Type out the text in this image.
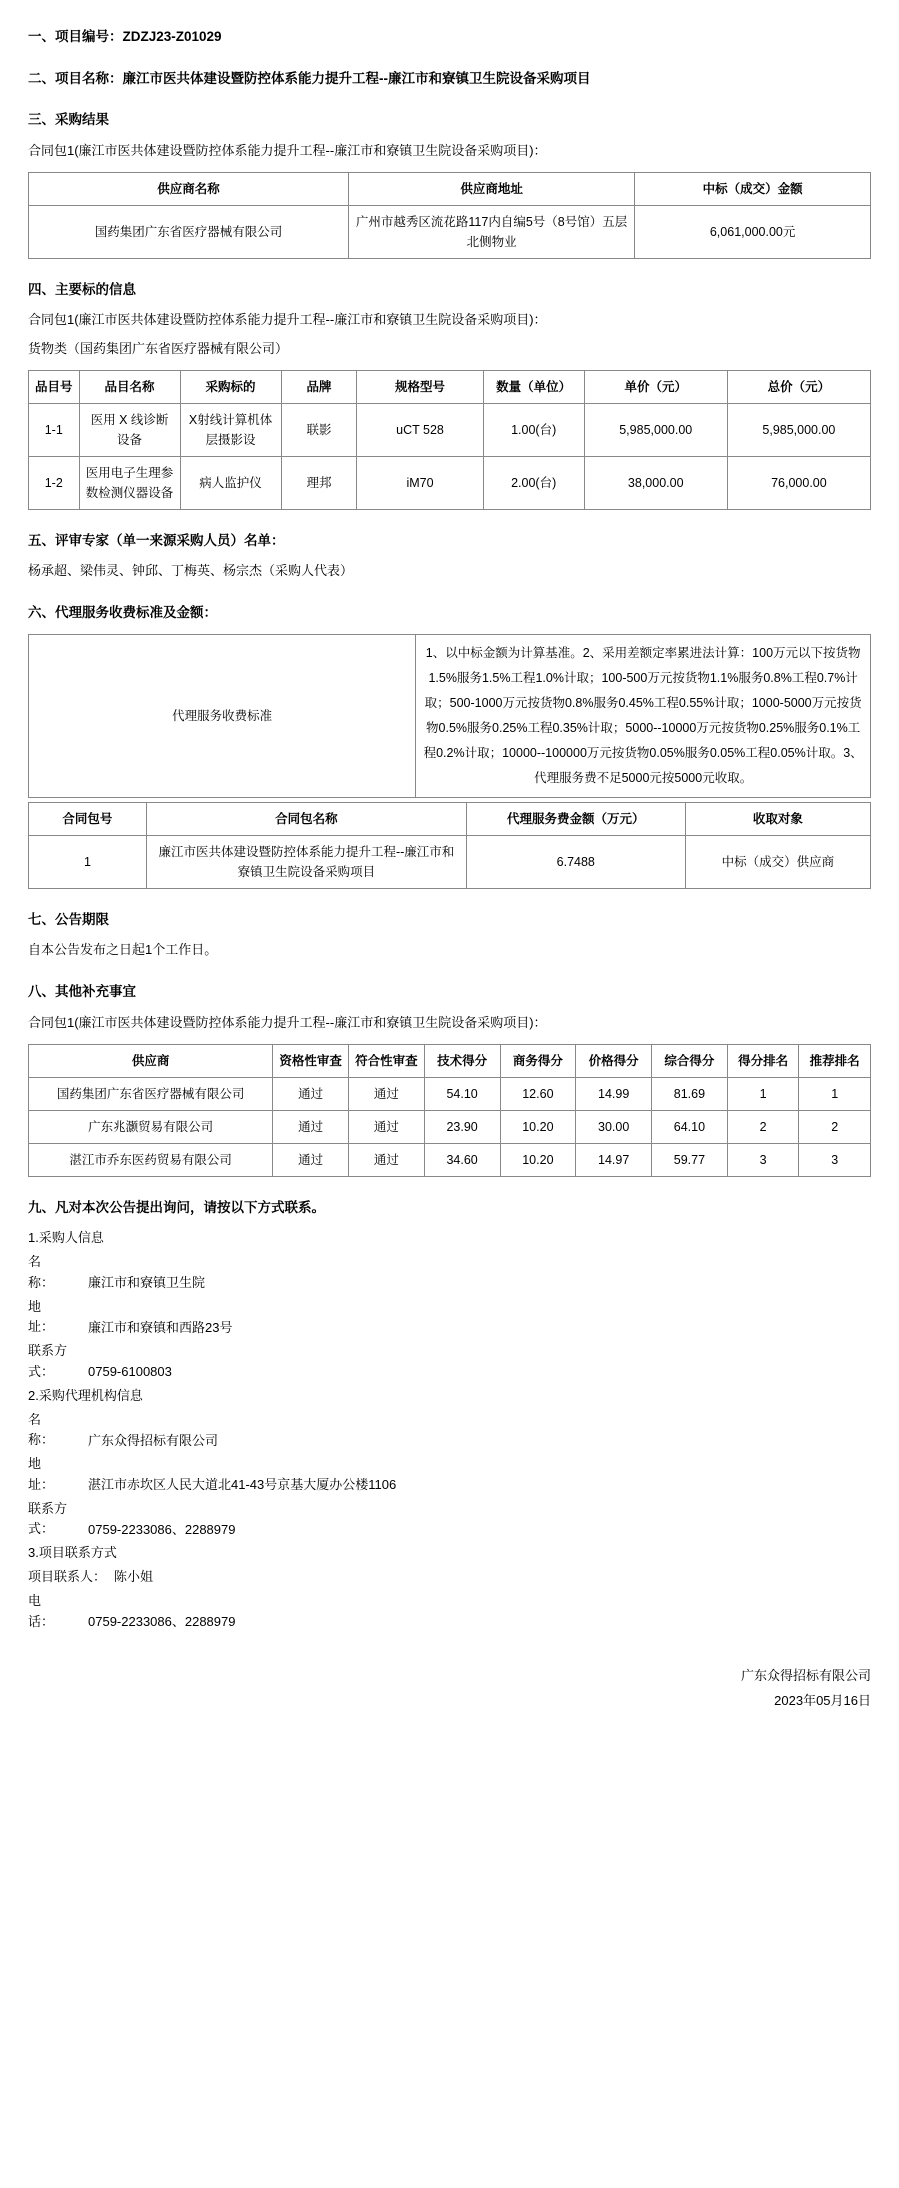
一、项目编号：ZDZJ23-Z01029
二、项目名称：廉江市医共体建设暨防控体系能力提升工程--廉江市和寮镇卫生院设备采购项目
三、采购结果
合同包1(廉江市医共体建设暨防控体系能力提升工程--廉江市和寮镇卫生院设备采购项目)：
供应商名称	供应商地址	中标（成交）金额
国药集团广东省医疗器械有限公司	广州市越秀区流花路117内自编5号（8号馆）五层北侧物业	6,061,000.00元
四、主要标的信息
合同包1(廉江市医共体建设暨防控体系能力提升工程--廉江市和寮镇卫生院设备采购项目)：
货物类（国药集团广东省医疗器械有限公司）
品目号	品目名称	采购标的	品牌	规格型号	数量（单位）	单价（元）	总价（元）
1-1	医用 X 线诊断设备	X射线计算机体层摄影设	联影	uCT 528	1.00(台)	5,985,000.00	5,985,000.00
1-2	医用电子生理参数检测仪器设备	病人监护仪	理邦	iM70	2.00(台)	38,000.00	76,000.00
五、评审专家（单一来源采购人员）名单：
杨承超、梁伟灵、钟邱、丁梅英、杨宗杰（采购人代表）
六、代理服务收费标准及金额：
代理服务收费标准	1、以中标金额为计算基准。2、采用差额定率累进法计算：100万元以下按货物1.5%服务1.5%工程1.0%计取；100-500万元按货物1.1%服务0.8%工程0.7%计取；500-1000万元按货物0.8%服务0.45%工程0.55%计取；1000-5000万元按货物0.5%服务0.25%工程0.35%计取；5000--10000万元按货物0.25%服务0.1%工程0.2%计取；10000--100000万元按货物0.05%服务0.05%工程0.05%计取。3、代理服务费不足5000元按5000元收取。
合同包号	合同包名称	代理服务费金额（万元）	收取对象
1	廉江市医共体建设暨防控体系能力提升工程--廉江市和寮镇卫生院设备采购项目	6.7488	中标（成交）供应商
七、公告期限
自本公告发布之日起1个工作日。
八、其他补充事宜
合同包1(廉江市医共体建设暨防控体系能力提升工程--廉江市和寮镇卫生院设备采购项目)：
供应商	资格性审查	符合性审查	技术得分	商务得分	价格得分	综合得分	得分排名	推荐排名
国药集团广东省医疗器械有限公司	通过	通过	54.10	12.60	14.99	81.69	1	1
广东兆灏贸易有限公司	通过	通过	23.90	10.20	30.00	64.10	2	2
湛江市乔东医药贸易有限公司	通过	通过	34.60	10.20	14.97	59.77	3	3
九、凡对本次公告提出询问，请按以下方式联系。
1.采购人信息
名　　称：	廉江市和寮镇卫生院
地　　址：	廉江市和寮镇和西路23号
联系方式：	0759-6100803
2.采购代理机构信息
名　　称：	广东众得招标有限公司
地　　址：	湛江市赤坎区人民大道北41-43号京基大厦办公楼1106
联系方式：	0759-2233086、2288979
3.项目联系方式
项目联系人： 陈小姐
电　　话：	0759-2233086、2288979
广东众得招标有限公司
2023年05月16日
